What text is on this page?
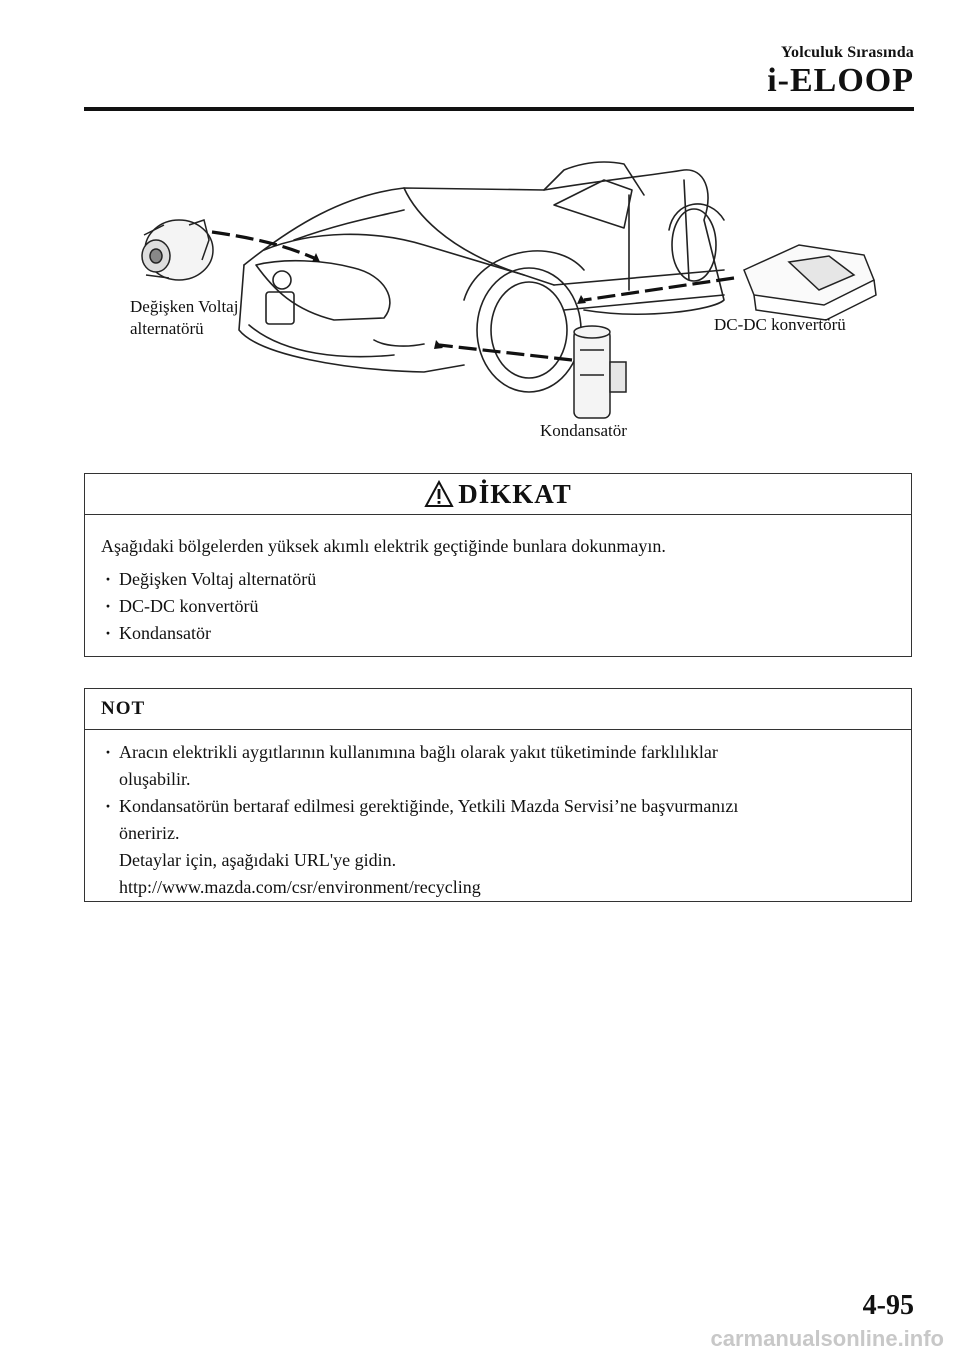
Yolculuk Sırasında
i-ELOOP
Değişken Voltaj alternatörü	DC-DC konvertörü
Kondansatör
DİKKAT
Aşağıdaki bölgelerden yüksek akımlı elektrik geçtiğinde bunlara dokunmayın.
· Değişken Voltaj alternatörü
· DC-DC konvertörü
· Kondansatör
NOT
· Aracın elektrikli aygıtlarının kullanımına bağlı olarak yakıt tüketiminde farklılıklar
oluşabilir.
· Kondansatörün bertaraf edilmesi gerektiğinde, Yetkili Mazda Servisi’ne başvurmanızı
öneririz.
Detaylar için, aşağıdaki URL'ye gidin.
http://www.mazda.com/csr/environment/recycling
4-95
carmanualsonline.info
